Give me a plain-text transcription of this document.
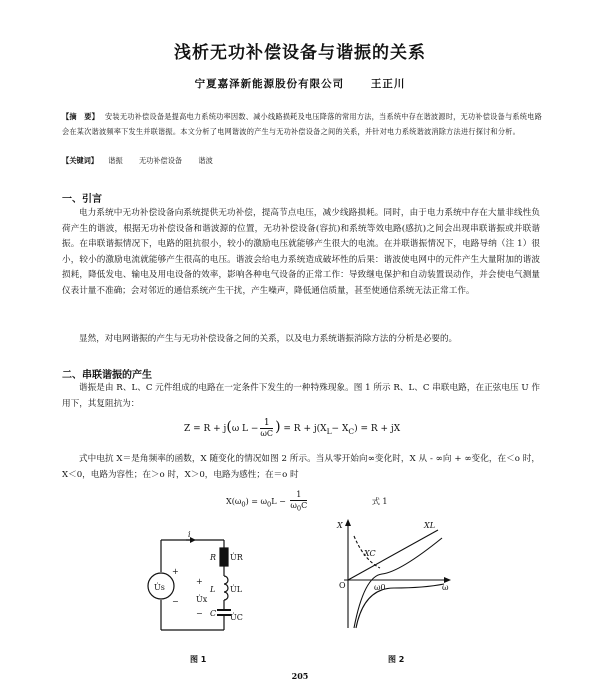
浅析无功补偿设备与谐振的关系
宁夏嘉泽新能源股份有限公司	王正川
【摘　要】 安装无功补偿设备是提高电力系统功率因数、减小线路损耗及电压降落的常用方法，当系统中存在谐波源时，无功补偿设备与系统电路会在某次谐波频率下发生并联谐振。本文分析了电网谐波的产生与无功补偿设备之间的关系，并针对电力系统谐波消除方法进行探讨和分析。
【关键词】 谐振 无功补偿设备 谐波
一、引言

电力系统中无功补偿设备向系统提供无功补偿，提高节点电压，减少线路损耗。同时，由于电力系统中存在大量非线性负荷产生的谐波，根据无功补偿设备和谐波源的位置，无功补偿设备(容抗)和系统等效电路(感抗)之间会出现串联谐振或并联谐振。在串联谐振情况下，电路的阻抗很小，较小的激励电压就能够产生很大的电流。在并联谐振情况下，电路导纳（注 1）很小，较小的激励电流就能够产生很高的电压。谐波会给电力系统造成破坏性的后果：谐波使电网中的元件产生大量附加的谐波损耗，降低发电、输电及用电设备的效率，影响各种电气设备的正常工作：导致继电保护和自动装置误动作，并会使电气测量仪表计量不准确；会对邻近的通信系统产生干扰，产生噪声，降低通信质量，甚至使通信系统无法正常工作。

显然，对电网谐振的产生与无功补偿设备之间的关系，以及电力系统谐振消除方法的分析是必要的。

二、串联谐振的产生

谐振是由 R、L、C 元件组成的电路在一定条件下发生的一种特殊现象。图 1 所示 R、L、C 串联电路，在正弦电压 U 作用下，其复阻抗为：

Z = R + j(ω $L - \frac{1}{\omega C}$ ) = $R + j(X_L- X_C) = R$ + jX

式中电抗 X＝是角频率的函数，X 随变化的情况如图 2 所示。当从零开始向∞变化时，X 从 - ∞向 + ∞变化，在＜o 时，X＜0，电路为容性；在＞o 时，X＞0，电路为感性；在＝o 时

$X(\omega_0) = \omega_0L - \frac{1}{\omega_0C}$	式 1
i
R
L
C
U̇R
U̇L
U̇C
U̇s
U̇x
+
−
+
−
图 1
X	XL
XC
O	ω0	ω
图 2
205
